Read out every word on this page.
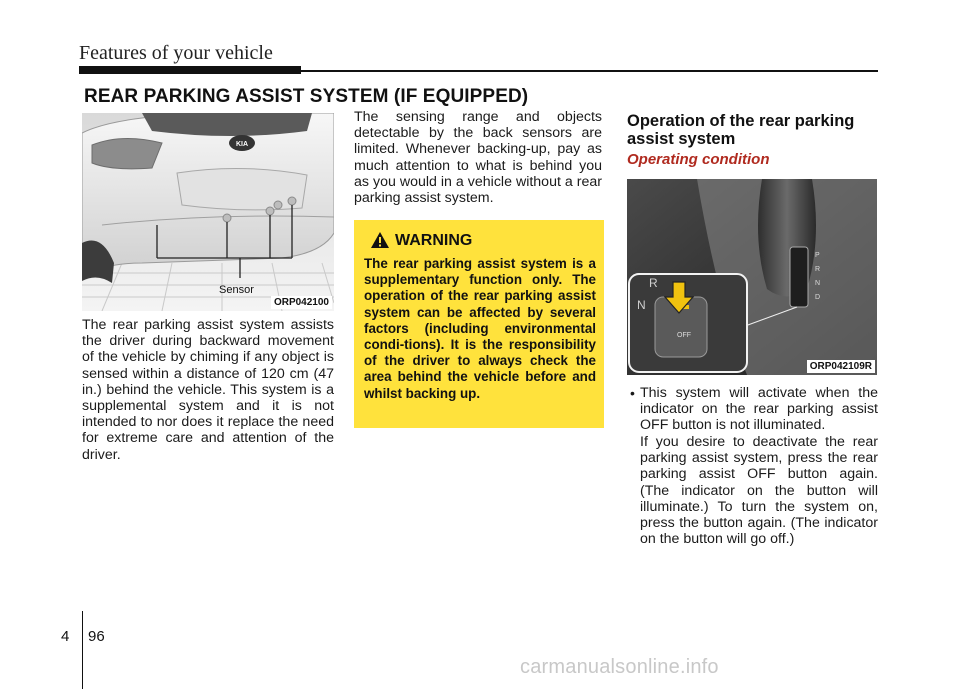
Features of your vehicle
REAR PARKING ASSIST SYSTEM (IF EQUIPPED)
KIA
Sensor
ORP042100
The rear parking assist system assists the driver during backward movement of the vehicle by chiming if any object is sensed within a distance of 120 cm (47 in.) behind the vehicle. This system is a supplemental system and it is not intended to nor does it replace the need for extreme care and attention of the driver.
The sensing range and objects detectable by the back sensors are limited. Whenever backing-up, pay as much attention to what is behind you as you would in a vehicle without a rear parking assist system.
WARNING
The rear parking assist system is a supplementary function only. The operation of the rear parking assist system can be affected by several factors (including environmental condi-tions). It is the responsibility of the driver to always check the area behind the vehicle before and whilst backing up.
Operation of the rear parking assist system
Operating condition
P
R
N
D
R
N
OFF
ORP042109R
• This system will activate when the indicator on the rear parking assist OFF button is not illuminated.
If you desire to deactivate the rear parking assist system, press the rear parking assist OFF button again. (The indicator on the button will illuminate.) To turn the system on, press the button again. (The indicator on the button will go off.)
4 96
carmanualsonline.info
